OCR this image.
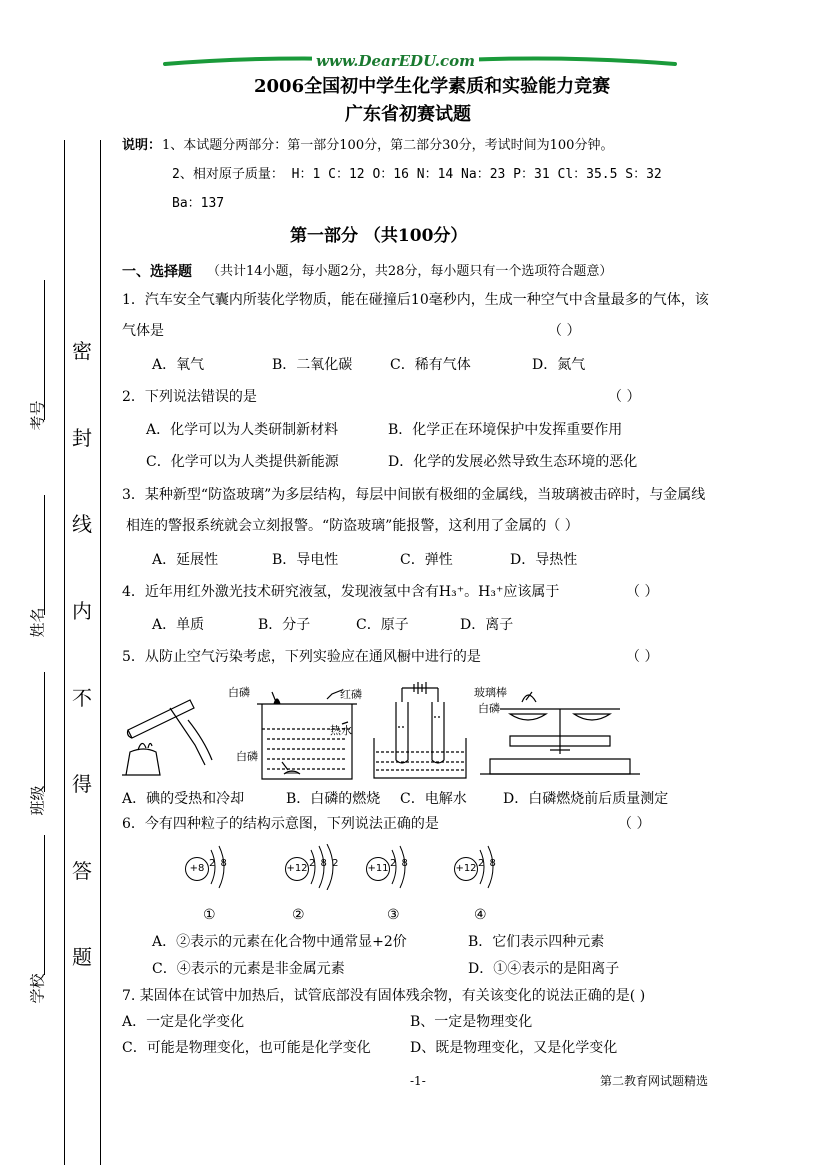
考号
姓名
班级
学校
密
封
线
内
不
得
答
题
www.DearEDU.com
2006全国初中学生化学素质和实验能力竞赛
广东省初赛试题
说明： 1、本试题分两部分：第一部分100分，第二部分30分，考试时间为100分钟。
2、相对原子质量： H：1 C：12 O：16 N：14 Na：23 P：31 Cl：35.5 S：32
Ba：137
第一部分 （共100分）
一、选择题 （共计14小题，每小题2分，共28分，每小题只有一个选项符合题意）
1．汽车安全气囊内所装化学物质，能在碰撞后10毫秒内，生成一种空气中含量最多的气体，该
气体是	（ ）
A．氧气	B．二氧化碳	C．稀有气体	D．氮气
2．下列说法错误的是	（ ）
A．化学可以为人类研制新材料	B．化学正在环境保护中发挥重要作用
C．化学可以为人类提供新能源	D．化学的发展必然导致生态环境的恶化
3．某种新型“防盗玻璃”为多层结构，每层中间嵌有极细的金属线，当玻璃被击碎时，与金属线
相连的警报系统就会立刻报警。“防盗玻璃”能报警，这利用了金属的（ ）
A．延展性	B．导电性	C．弹性	D．导热性
4．近年用红外激光技术研究液氢，发现液氢中含有H₃⁺。H₃⁺应该属于	（ ）
A．单质	B．分子	C．原子	D．离子
5．从防止空气污染考虑，下列实验应在通风橱中进行的是	（ ）
白磷	红磷
热水
白磷
玻璃棒
白磷
A．碘的受热和冷却	B．白磷的燃烧 C．电解水	D．白磷燃烧前后质量测定
6．今有四种粒子的结构示意图，下列说法正确的是	（ ）
+8 2 8	+12 2 8 2	+11 2 8	+12 2 8
①	②	③	④
A．②表示的元素在化合物中通常显+2价	B．它们表示四种元素
C．④表示的元素是非金属元素	D．①④表示的是阳离子
7. 某固体在试管中加热后，试管底部没有固体残余物，有关该变化的说法正确的是( )
A．一定是化学变化	B、一定是物理变化
C．可能是物理变化，也可能是化学变化	D、既是物理变化，又是化学变化
-1-	第二教育网试题精选
